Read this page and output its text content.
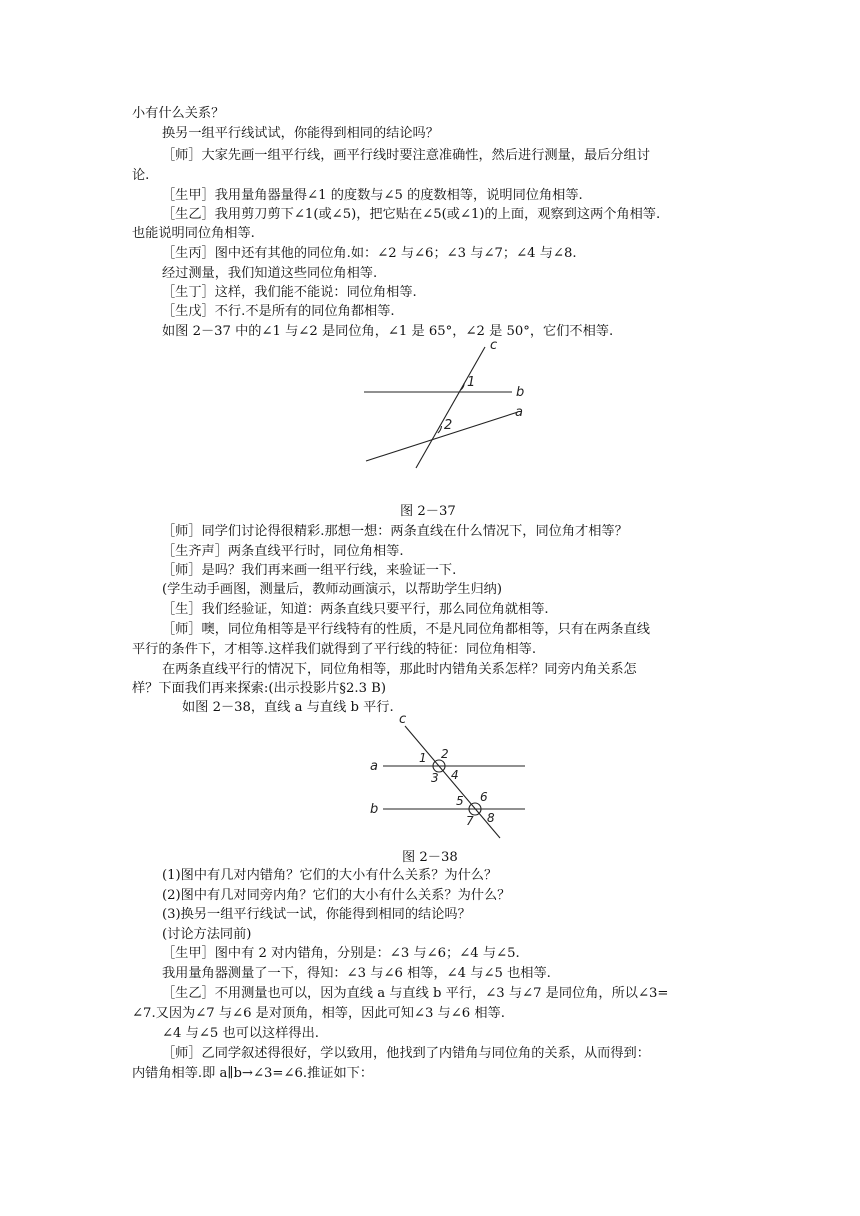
小有什么关系？
换另一组平行线试试，你能得到相同的结论吗？
［师］大家先画一组平行线，画平行线时要注意准确性，然后进行测量，最后分组讨
论.
［生甲］我用量角器量得∠1 的度数与∠5 的度数相等，说明同位角相等.
［生乙］我用剪刀剪下∠1(或∠5)，把它贴在∠5(或∠1)的上面，观察到这两个角相等.
也能说明同位角相等.
［生丙］图中还有其他的同位角.如：∠2 与∠6；∠3 与∠7；∠4 与∠8.
经过测量，我们知道这些同位角相等.
［生丁］这样，我们能不能说：同位角相等.
［生戊］不行.不是所有的同位角都相等.
如图 2－37 中的∠1 与∠2 是同位角，∠1 是 65°，∠2 是 50°，它们不相等.
c
b
a
1
2
图 2－37
［师］同学们讨论得很精彩.那想一想：两条直线在什么情况下，同位角才相等？
［生齐声］两条直线平行时，同位角相等.
［师］是吗？我们再来画一组平行线，来验证一下.
(学生动手画图，测量后，教师动画演示，以帮助学生归纳)
［生］我们经验证，知道：两条直线只要平行，那么同位角就相等.
［师］噢，同位角相等是平行线特有的性质，不是凡同位角都相等，只有在两条直线
平行的条件下，才相等.这样我们就得到了平行线的特征：同位角相等.
在两条直线平行的情况下，同位角相等，那此时内错角关系怎样？同旁内角关系怎
样？下面我们再来探索:(出示投影片§2.3 B)
如图 2－38，直线 a 与直线 b 平行.
c
a
b
1 2
3 4
5 6
7 8
图 2－38
(1)图中有几对内错角？它们的大小有什么关系？为什么？
(2)图中有几对同旁内角？它们的大小有什么关系？为什么？
(3)换另一组平行线试一试，你能得到相同的结论吗？
(讨论方法同前)
［生甲］图中有 2 对内错角，分别是：∠3 与∠6；∠4 与∠5.
我用量角器测量了一下，得知：∠3 与∠6 相等，∠4 与∠5 也相等.
［生乙］不用测量也可以，因为直线 a 与直线 b 平行，∠3 与∠7 是同位角，所以∠3=
∠7.又因为∠7 与∠6 是对顶角，相等，因此可知∠3 与∠6 相等.
∠4 与∠5 也可以这样得出.
［师］乙同学叙述得很好，学以致用，他找到了内错角与同位角的关系，从而得到：
内错角相等.即 a∥b→∠3=∠6.推证如下：
